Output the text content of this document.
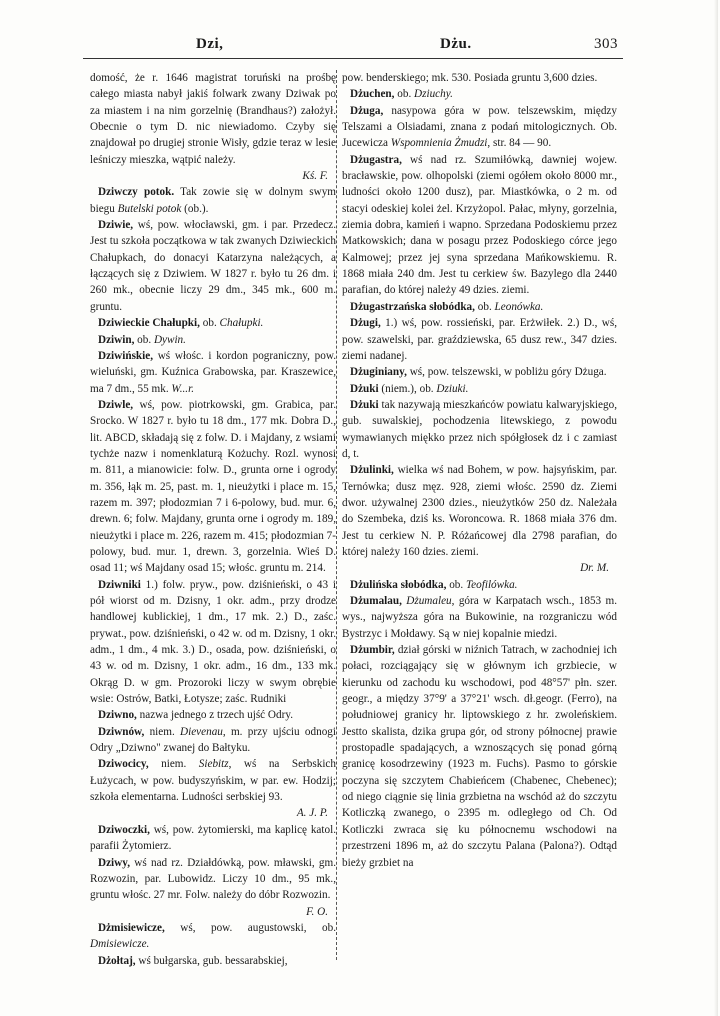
Dzi,	Dżu.	303

domość, że r. 1646 magistrat toruński na prośbę całego miasta nabył jakiś folwark zwany Dziwak po za miastem i na nim gorzelnię (Brandhaus?) założył. Obecnie o tym D. nic niewiadomo. Czyby się znajdował po drugiej stronie Wisły, gdzie teraz w lesie leśniczy mieszka, wątpić należy.

Kś. F.

Dziwczy potok. Tak zowie się w dolnym swym biegu Butelski potok (ob.).

Dziwie, wś, pow. włocławski, gm. i par. Przedecz. Jest tu szkoła początkowa w tak zwanych Dziwieckich Chałupkach, do donacyi Katarzyna należących, a łączących się z Dziwiem. W 1827 r. było tu 26 dm. i 260 mk., obecnie liczy 29 dm., 345 mk., 600 m. gruntu.

Dziwieckie Chałupki, ob. Chałupki.

Dziwin, ob. Dywin.

Dziwińskie, wś włośc. i kordon pograniczny, pow. wieluński, gm. Kuźnica Grabowska, par. Kraszewice, ma 7 dm., 55 mk. W...r.

Dziwle, wś, pow. piotrkowski, gm. Grabica, par. Srocko. W 1827 r. było tu 18 dm., 177 mk. Dobra D., lit. ABCD, składają się z folw. D. i Majdany, z wsiami tychże nazw i nomenklaturą Kożuchy. Rozl. wynosi m. 811, a mianowicie: folw. D., grunta orne i ogrody m. 356, łąk m. 25, past. m. 1, nieużytki i place m. 15, razem m. 397; płodozmian 7 i 6-polowy, bud. mur. 6, drewn. 6; folw. Majdany, grunta orne i ogrody m. 189, nieużytki i place m. 226, razem m. 415; płodozmian 7-polowy, bud. mur. 1, drewn. 3, gorzelnia. Wieś D. osad 11; wś Majdany osad 15; włośc. gruntu m. 214.

Dziwniki 1.) folw. pryw., pow. dziśnieński, o 43 i pół wiorst od m. Dzisny, 1 okr. adm., przy drodze handlowej kublickiej, 1 dm., 17 mk. 2.) D., zaśc. prywat., pow. dziśnieński, o 42 w. od m. Dzisny, 1 okr. adm., 1 dm., 4 mk. 3.) D., osada, pow. dziśnieński, o 43 w. od m. Dzisny, 1 okr. adm., 16 dm., 133 mk. Okrąg D. w gm. Prozoroki liczy w swym obrębie wsie: Ostrów, Batki, Łotysze; zaśc. Rudniki

Dziwno, nazwa jednego z trzech ujść Odry.

Dziwnów, niem. Dievenau, m. przy ujściu odnogi Odry „Dziwno" zwanej do Bałtyku.

Dziwocicy, niem. Siebitz, wś na Serbskich Łużycach, w pow. budyszyńskim, w par. ew. Hodzij; szkoła elementarna. Ludności serbskiej 93.

A. J. P.

Dziwoczki, wś, pow. żytomierski, ma kaplicę katol. parafii Żytomierz.

Dziwy, wś nad rz. Działdówką, pow. mławski, gm. Rozwozin, par. Lubowidz. Liczy 10 dm., 95 mk., gruntu włośc. 27 mr. Folw. należy do dóbr Rozwozin.

F. O.

Dżmisiewicze, wś, pow. augustowski, ob. Dmisiewicze.

Dżołtaj, wś bułgarska, gub. bessarabskiej,

pow. benderskiego; mk. 530. Posiada gruntu 3,600 dzies.

Dżuchen, ob. Dziuchy.

Dżuga, nasypowa góra w pow. telszewskim, między Telszami a Olsiadami, znana z podań mitologicznych. Ob. Jucewicza Wspomnienia Żmudzi, str. 84 — 90.

Dżugastra, wś nad rz. Szumiłówką, dawniej wojew. bracławskie, pow. olhopolski (ziemi ogółem około 8000 mr., ludności około 1200 dusz), par. Miastkówka, o 2 m. od stacyi odeskiej kolei żel. Krzyżopol. Pałac, młyny, gorzelnia, ziemia dobra, kamień i wapno. Sprzedana Podoskiemu przez Matkowskich; dana w posagu przez Podoskiego córce jego Kalmowej; przez jej syna sprzedana Mańkowskiemu. R. 1868 miała 240 dm. Jest tu cerkiew św. Bazylego dla 2440 parafian, do której należy 49 dzies. ziemi.

Dżugastrzańska słobódka, ob. Leonówka.

Dżugi, 1.) wś, pow. rossieński, par. Erżwiłek. 2.) D., wś, pow. szawelski, par. graździewska, 65 dusz rew., 347 dzies. ziemi nadanej.

Dżuginiany, wś, pow. telszewski, w pobliżu góry Dżuga.

Dżuki (niem.), ob. Dziuki.

Dżuki tak nazywają mieszkańców powiatu kalwaryjskiego, gub. suwalskiej, pochodzenia litewskiego, z powodu wymawianych miękko przez nich spółgłosek dz i c zamiast d, t.

Dżulinki, wielka wś nad Bohem, w pow. hajsyńskim, par. Ternówka; dusz męz. 928, ziemi włośc. 2590 dz. Ziemi dwor. używalnej 2300 dzies., nieużytków 250 dz. Należała do Szembeka, dziś ks. Woroncowa. R. 1868 miała 376 dm. Jest tu cerkiew N. P. Różańcowej dla 2798 parafian, do której należy 160 dzies. ziemi.

Dr. M.

Dżulińska słobódka, ob. Teofilówka.

Dżumalau, Dżumaleu, góra w Karpatach wsch., 1853 m. wys., najwyższa góra na Bukowinie, na rozgraniczu wód Bystrzyc i Mołdawy. Są w niej kopalnie miedzi.

Dżumbir, dział górski w niźnich Tatrach, w zachodniej ich połaci, rozciągający się w głównym ich grzbiecie, w kierunku od zachodu ku wschodowi, pod 48°57' płn. szer. geogr., a między 37°9' a 37°21' wsch. dł.geogr. (Ferro), na południowej granicy hr. liptowskiego z hr. zwoleńskiem. Jestto skalista, dzika grupa gór, od strony północnej prawie prostopadle spadających, a wznoszących się ponad górną granicę kosodrzewiny (1923 m. Fuchs). Pasmo to górskie poczyna się szczytem Chabieńcem (Chabenec, Chebenec); od niego ciągnie się linia grzbietna na wschód aż do szczytu Kotliczką zwanego, o 2395 m. odległego od Ch. Od Kotliczki zwraca się ku północnemu wschodowi na przestrzeni 1896 m, aż do szczytu Palana (Palona?). Odtąd bieży grzbiet na
